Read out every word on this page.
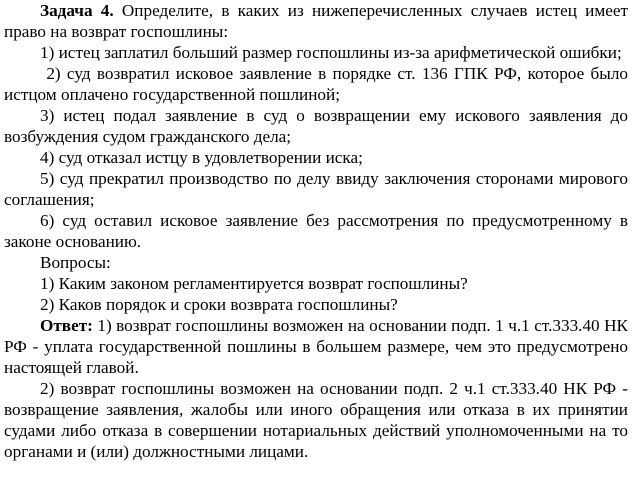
Задача 4. Определите, в каких из нижеперечисленных случаев истец имеет право на возврат госпошлины:

1) истец заплатил больший размер госпошлины из-за арифметической ошибки;

2) суд возвратил исковое заявление в порядке ст. 136 ГПК РФ, которое было истцом оплачено государственной пошлиной;

3) истец подал заявление в суд о возвращении ему искового заявления до возбуждения судом гражданского дела;

4) суд отказал истцу в удовлетворении иска;

5) суд прекратил производство по делу ввиду заключения сторонами мирового соглашения;

6) суд оставил исковое заявление без рассмотрения по предусмотренному в законе основанию.

Вопросы:

1) Каким законом регламентируется возврат госпошлины?

2) Каков порядок и сроки возврата госпошлины?

Ответ: 1) возврат госпошлины возможен на основании подп. 1 ч.1 ст.333.40 НК РФ - уплата государственной пошлины в большем размере, чем это предусмотрено настоящей главой.

2) возврат госпошлины возможен на основании подп. 2 ч.1 ст.333.40 НК РФ - возвращение заявления, жалобы или иного обращения или отказа в их принятии судами либо отказа в совершении нотариальных действий уполномоченными на то органами и (или) должностными лицами.
